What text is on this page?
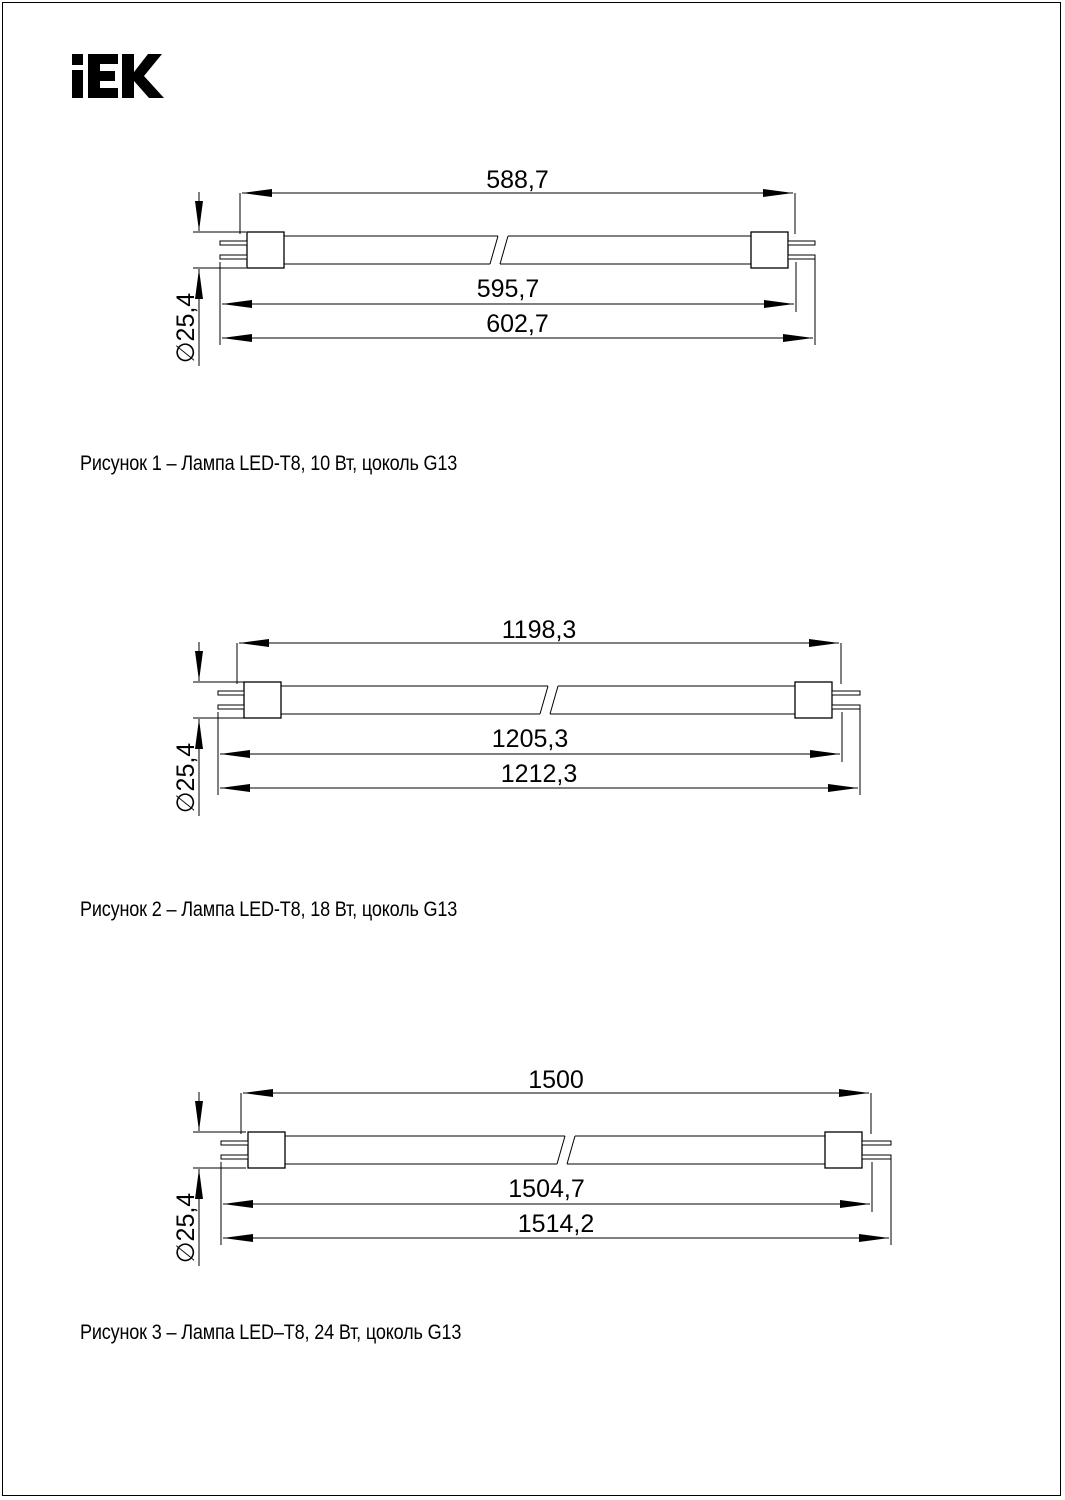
588,7
595,7
602,7
∅25,4
1198,3
1205,3
1212,3
∅25,4
1500
1504,7
1514,2
∅25,4
Рисунок 1 – Лампа LED-T8, 10 Вт, цоколь G13
Рисунок 2 – Лампа LED-T8, 18 Вт, цоколь G13
Рисунок 3 – Лампа LED–T8, 24 Вт, цоколь G13
